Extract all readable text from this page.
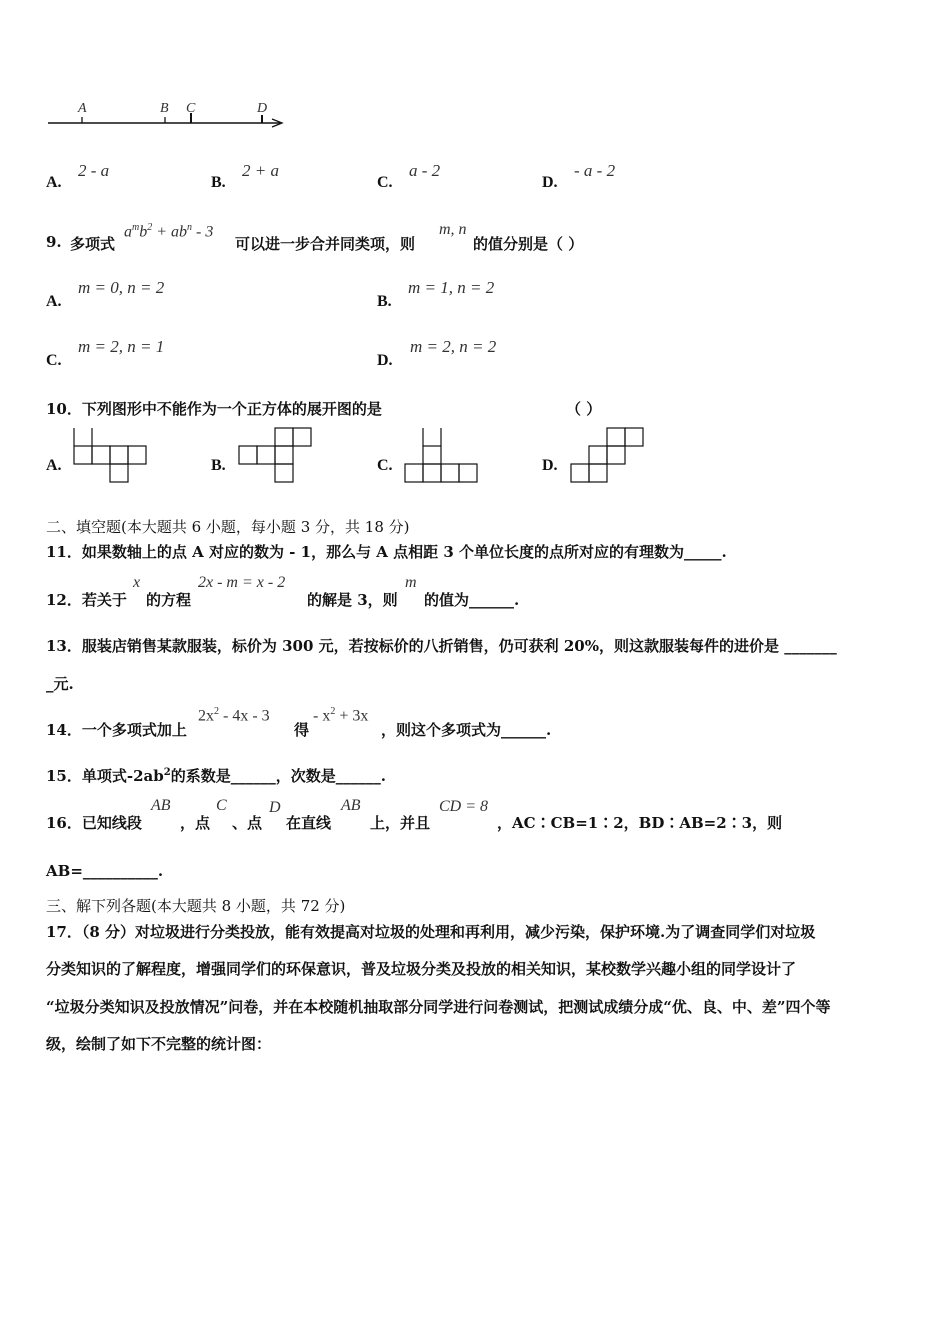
A	B C	D
A.
2 - a
B.
2 + a
C.
a - 2
D.
- a - 2
9. 多项式
$a^mb^2 + ab^n - 3$
可以进一步合并同类项，则
m, n
的值分别是（ ）
A.
m = 0, n = 2
B.
m = 1, n = 2
C.
m = 2, n = 1
D.
m = 2, n = 2
10．下列图形中不能作为一个正方体的展开图的是	（ ）
A.	B.	C.	D.
二、填空题(本大题共 6 小题，每小题 3 分，共 18 分)
11．如果数轴上的点 A 对应的数为 - 1，那么与 A 点相距 3 个单位长度的点所对应的有理数为_____.
12．若关于
x
的方程
2x - m = x - 2
的解是 3，则
m
的值为______.
13．服装店销售某款服装，标价为 300 元，若按标价的八折销售，仍可获利 20%，则这款服装每件的进价是 _______
_元.
14．一个多项式加上
$2x^2 - 4x - 3$
得
- $x^2 + 3x$
，则这个多项式为______.
15．单项式$-2ab^2$的系数是______，次数是______.
16．已知线段
AB
，点
C
、点
D
在直线
AB
上，并且
CD = 8
，AC∶CB=1∶2，BD∶AB=2∶3，则
AB=__________.
三、解下列各题(本大题共 8 小题，共 72 分)
17．（8 分）对垃圾进行分类投放，能有效提高对垃圾的处理和再利用，减少污染，保护环境.为了调查同学们对垃圾
分类知识的了解程度，增强同学们的环保意识，普及垃圾分类及投放的相关知识，某校数学兴趣小组的同学设计了
“垃圾分类知识及投放情况”问卷，并在本校随机抽取部分同学进行问卷测试，把测试成绩分成“优、良、中、差”四个等
级，绘制了如下不完整的统计图：
